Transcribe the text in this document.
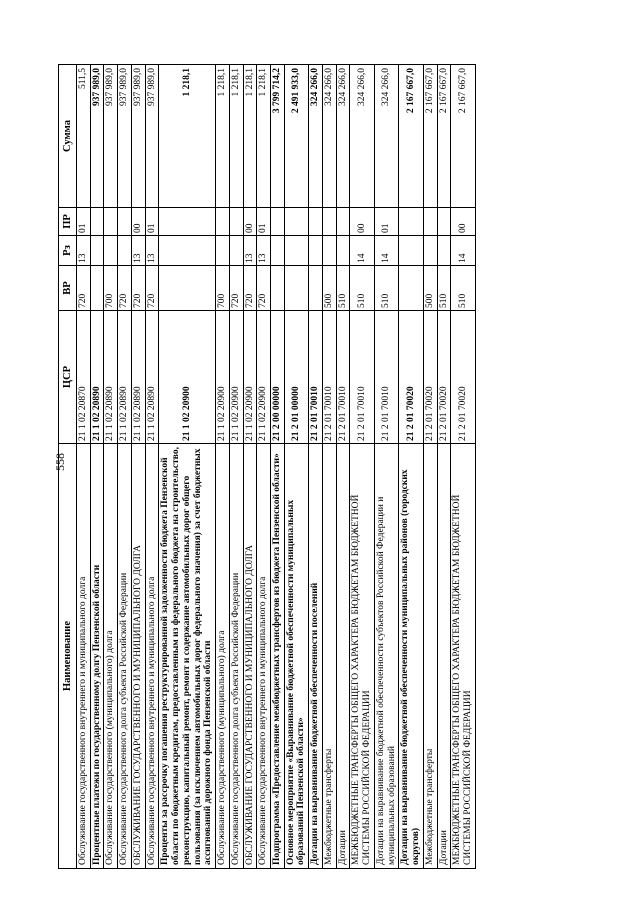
558
Наименование	ЦСР	ВР	Рз	ПР	Сумма
Обслуживание государственного внутреннего и муниципального долга	21 1 02 20870	720	13	01	511,5
Процентные платежи по государственному долгу Пензенской области	21 1 02 20890				937 989,0
Обслуживание государственного (муниципального) долга	21 1 02 20890	700			937 989,0
Обслуживание государственного долга субъекта Российской Федерации	21 1 02 20890	720			937 989,0
ОБСЛУЖИВАНИЕ ГОСУДАРСТВЕННОГО И МУНИЦИПАЛЬНОГО ДОЛГА	21 1 02 20890	720	13	00	937 989,0
Обслуживание государственного внутреннего и муниципального долга	21 1 02 20890	720	13	01	937 989,0
Проценты за рассрочку погашения реструктурированной задолженности бюджета Пензенской области по бюджетным кредитам, предоставленным из федерального бюджета на строительство, реконструкцию, капитальный ремонт, ремонт и содержание автомобильных дорог общего пользования (за исключением автомобильных дорог федерального значения) за счет бюджетных ассигнований дорожного фонда Пензенской области	21 1 02 20900				1 218,1
Обслуживание государственного (муниципального) долга	21 1 02 20900	700			1 218,1
Обслуживание государственного долга субъекта Российской Федерации	21 1 02 20900	720			1 218,1
ОБСЛУЖИВАНИЕ ГОСУДАРСТВЕННОГО И МУНИЦИПАЛЬНОГО ДОЛГА	21 1 02 20900	720	13	00	1 218,1
Обслуживание государственного внутреннего и муниципального долга	21 1 02 20900	720	13	01	1 218,1
Подпрограмма «Предоставление межбюджетных трансфертов из бюджета Пензенской области»	21 2 00 00000				3 799 714,2
Основное мероприятие «Выравнивание бюджетной обеспеченности муниципальных образований Пензенской области»	21 2 01 00000				2 491 933,0
Дотации на выравнивание бюджетной обеспеченности поселений	21 2 01 70010				324 266,0
Межбюджетные трансферты	21 2 01 70010	500			324 266,0
Дотации	21 2 01 70010	510			324 266,0
МЕЖБЮДЖЕТНЫЕ ТРАНСФЕРТЫ ОБЩЕГО ХАРАКТЕРА БЮДЖЕТАМ БЮДЖЕТНОЙ СИСТЕМЫ РОССИЙСКОЙ ФЕДЕРАЦИИ	21 2 01 70010	510	14	00	324 266,0
Дотации на выравнивание бюджетной обеспеченности субъектов Российской Федерации и муниципальных образований	21 2 01 70010	510	14	01	324 266,0
Дотации на выравнивание бюджетной обеспеченности муниципальных районов (городских округов)	21 2 01 70020				2 167 667,0
Межбюджетные трансферты	21 2 01 70020	500			2 167 667,0
Дотации	21 2 01 70020	510			2 167 667,0
МЕЖБЮДЖЕТНЫЕ ТРАНСФЕРТЫ ОБЩЕГО ХАРАКТЕРА БЮДЖЕТАМ БЮДЖЕТНОЙ СИСТЕМЫ РОССИЙСКОЙ ФЕДЕРАЦИИ	21 2 01 70020	510	14	00	2 167 667,0
